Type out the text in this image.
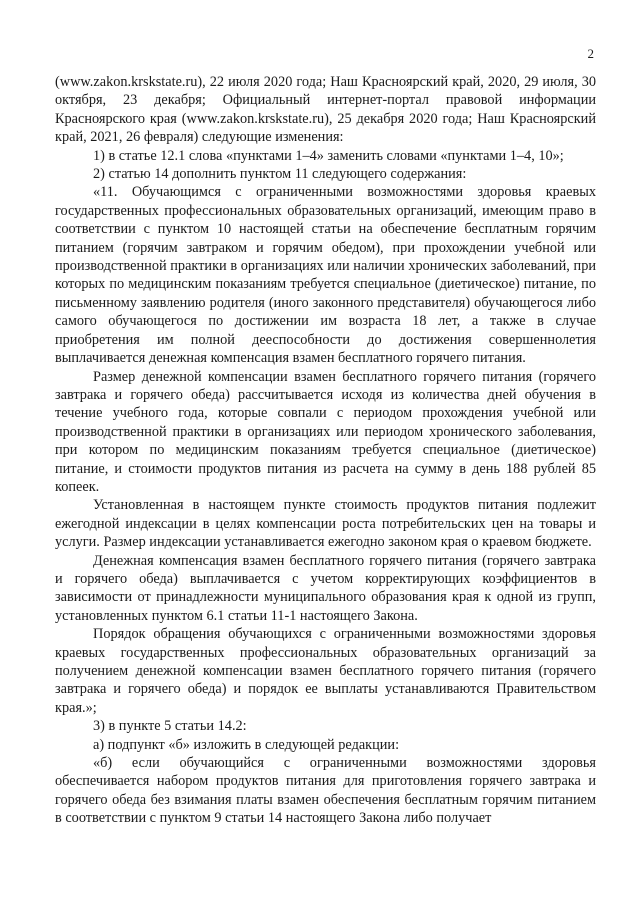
2

(www.zakon.krskstate.ru), 22 июля 2020 года; Наш Красноярский край, 2020, 29 июля, 30 октября, 23 декабря; Официальный интернет-портал правовой информации Красноярского края (www.zakon.krskstate.ru), 25 декабря 2020 года; Наш Красноярский край, 2021, 26 февраля) следующие изменения:

1) в статье 12.1 слова «пунктами 1–4» заменить словами «пунктами 1–4, 10»;

2) статью 14 дополнить пунктом 11 следующего содержания:

«11. Обучающимся с ограниченными возможностями здоровья краевых государственных профессиональных образовательных организаций, имеющим право в соответствии с пунктом 10 настоящей статьи на обеспечение бесплатным горячим питанием (горячим завтраком и горячим обедом), при прохождении учебной или производственной практики в организациях или наличии хронических заболеваний, при которых по медицинским показаниям требуется специальное (диетическое) питание, по письменному заявлению родителя (иного законного представителя) обучающегося либо самого обучающегося по достижении им возраста 18 лет, а также в случае приобретения им полной дееспособности до достижения совершеннолетия выплачивается денежная компенсация взамен бесплатного горячего питания.

Размер денежной компенсации взамен бесплатного горячего питания (горячего завтрака и горячего обеда) рассчитывается исходя из количества дней обучения в течение учебного года, которые совпали с периодом прохождения учебной или производственной практики в организациях или периодом хронического заболевания, при котором по медицинским показаниям требуется специальное (диетическое) питание, и стоимости продуктов питания из расчета на сумму в день 188 рублей 85 копеек.

Установленная в настоящем пункте стоимость продуктов питания подлежит ежегодной индексации в целях компенсации роста потребительских цен на товары и услуги. Размер индексации устанавливается ежегодно законом края о краевом бюджете.

Денежная компенсация взамен бесплатного горячего питания (горячего завтрака и горячего обеда) выплачивается с учетом корректирующих коэффициентов в зависимости от принадлежности муниципального образования края к одной из групп, установленных пунктом 6.1 статьи 11-1 настоящего Закона.

Порядок обращения обучающихся с ограниченными возможностями здоровья краевых государственных профессиональных образовательных организаций за получением денежной компенсации взамен бесплатного горячего питания (горячего завтрака и горячего обеда) и порядок ее выплаты устанавливаются Правительством края.»;

3) в пункте 5 статьи 14.2:

а) подпункт «б» изложить в следующей редакции:

«б) если обучающийся с ограниченными возможностями здоровья обеспечивается набором продуктов питания для приготовления горячего завтрака и горячего обеда без взимания платы взамен обеспечения бесплатным горячим питанием в соответствии с пунктом 9 статьи 14 настоящего Закона либо получает
